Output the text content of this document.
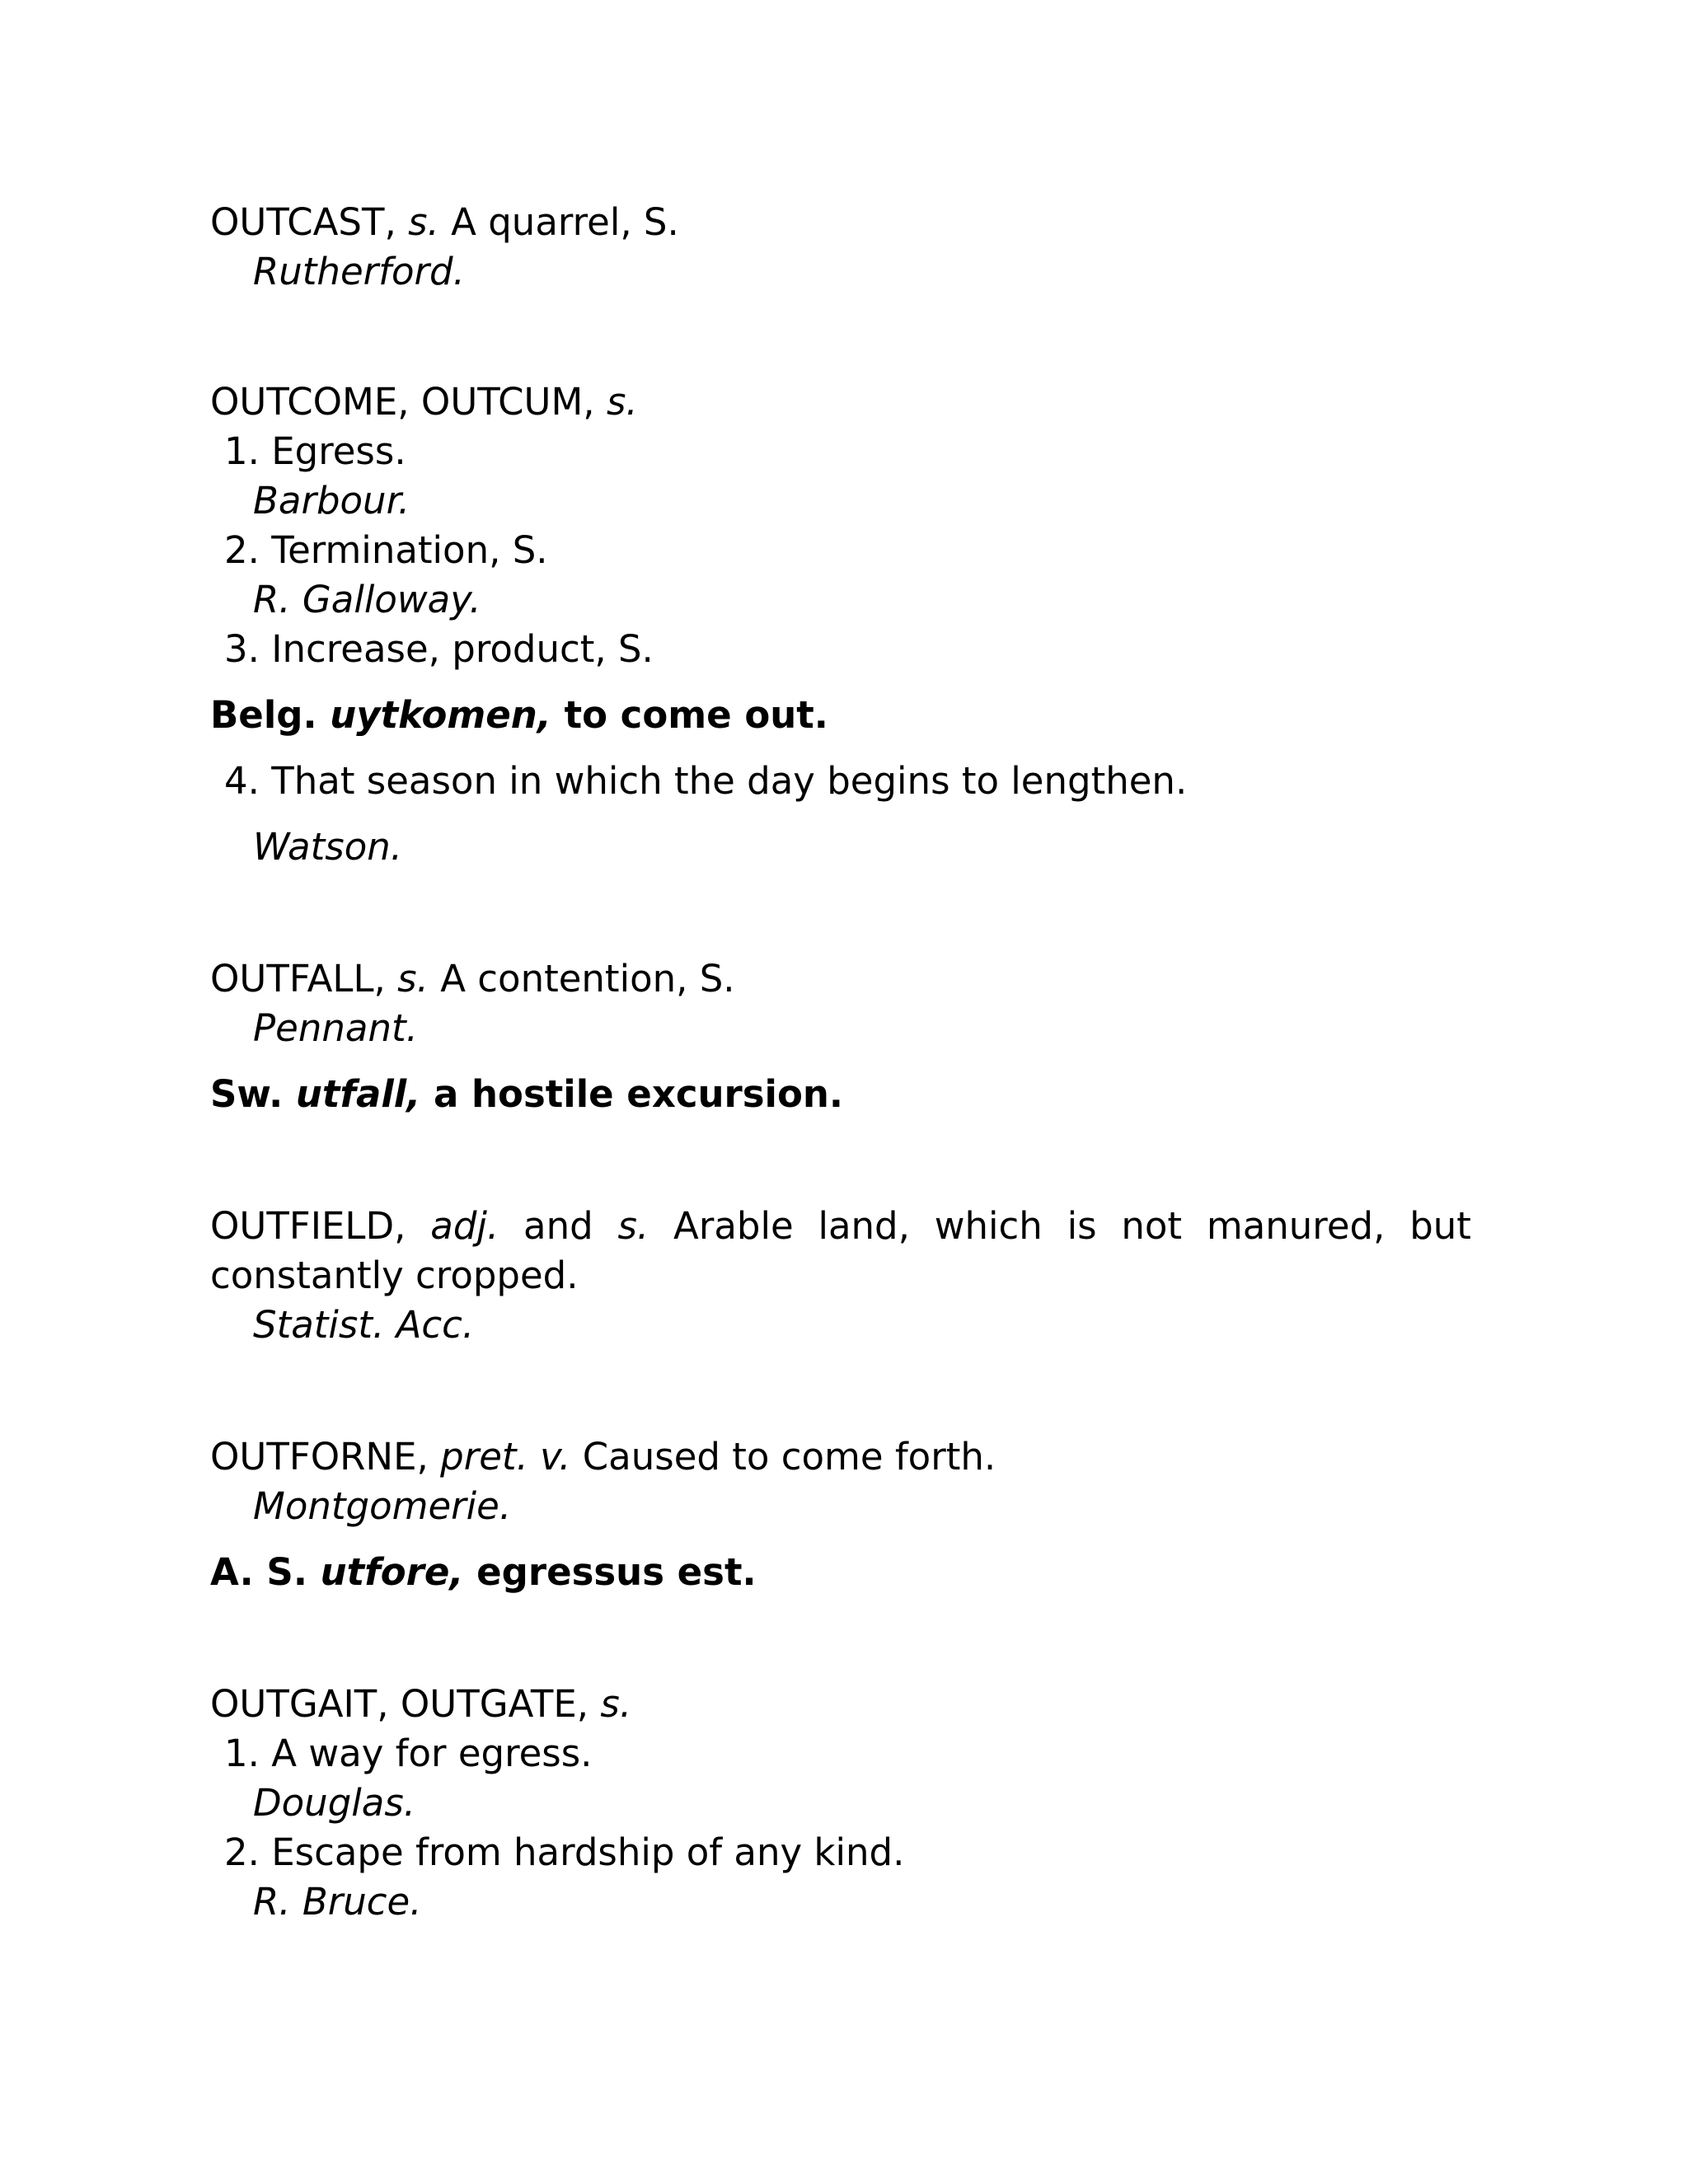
OUTCAST, s. A quarrel, S.
Rutherford.
OUTCOME, OUTCUM, s.
1. Egress.
Barbour.
2. Termination, S.
R. Galloway.
3. Increase, product, S.
Belg. uytkomen, to come out.
4. That season in which the day begins to lengthen.
Watson.
OUTFALL, s. A contention, S.
Pennant.
Sw. utfall, a hostile excursion.
OUTFIELD, adj. and s. Arable land, which is not manured, but
constantly cropped.
Statist. Acc.
OUTFORNE, pret. v. Caused to come forth.
Montgomerie.
A. S. utfore, egressus est.
OUTGAIT, OUTGATE, s.
1. A way for egress.
Douglas.
2. Escape from hardship of any kind.
R. Bruce.
